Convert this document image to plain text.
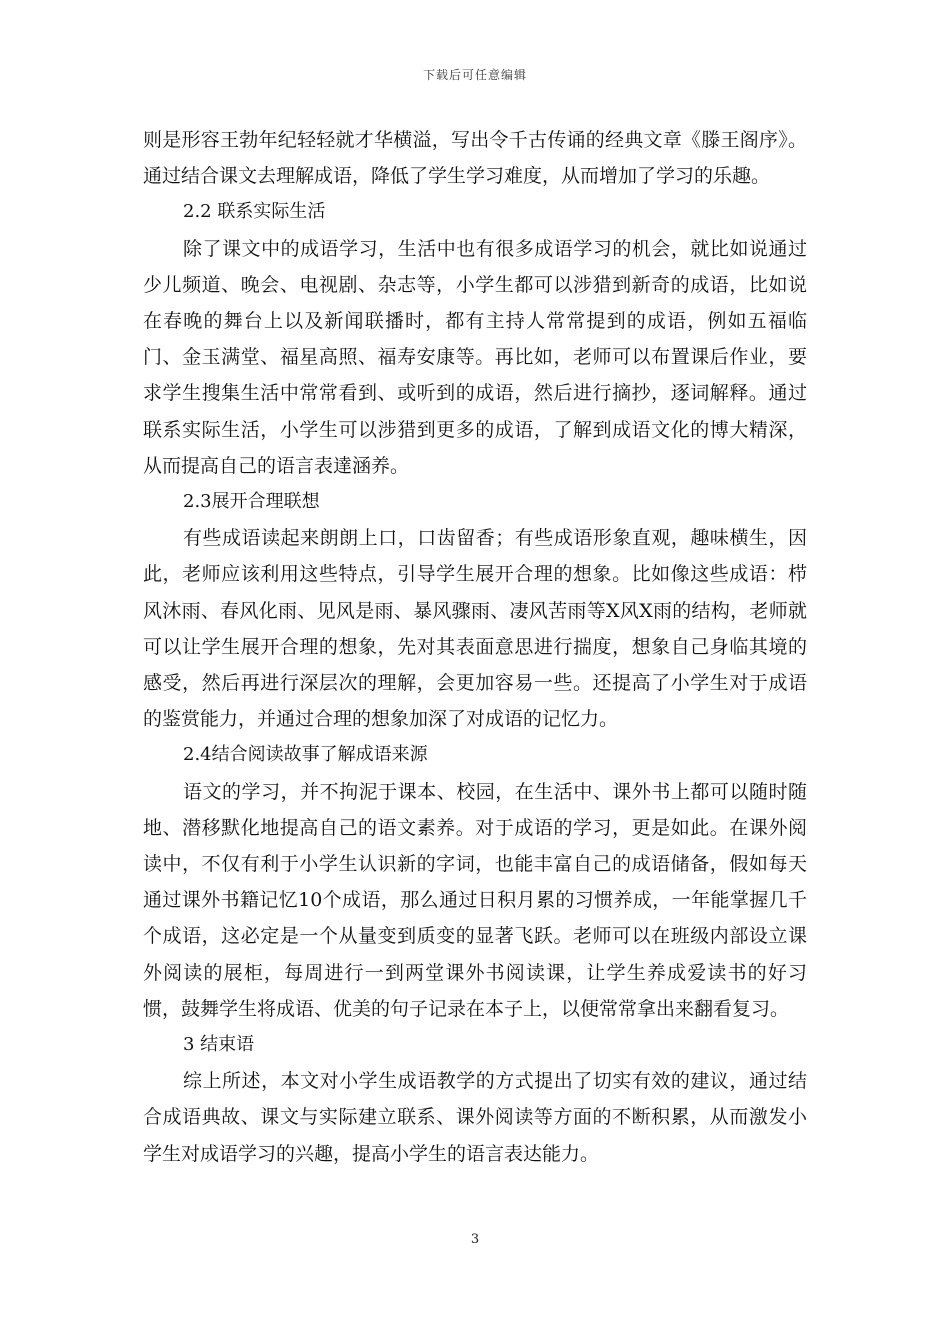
下载后可任意编辑

则是形容王勃年纪轻轻就才华横溢，写出令千古传诵的经典文章《滕王阁序》。通过结合课文去理解成语，降低了学生学习难度，从而增加了学习的乐趣。

2.2 联系实际生活

除了课文中的成语学习，生活中也有很多成语学习的机会，就比如说通过少儿频道、晚会、电视剧、杂志等，小学生都可以涉猎到新奇的成语，比如说在春晚的舞台上以及新闻联播时，都有主持人常常提到的成语，例如五福临门、金玉满堂、福星高照、福寿安康等。再比如，老师可以布置课后作业，要求学生搜集生活中常常看到、或听到的成语，然后进行摘抄，逐词解释。通过联系实际生活，小学生可以涉猎到更多的成语，了解到成语文化的博大精深，从而提高自己的语言表達涵养。

2.3展开合理联想

有些成语读起来朗朗上口，口齿留香；有些成语形象直观，趣味横生，因此，老师应该利用这些特点，引导学生展开合理的想象。比如像这些成语：栉风沐雨、春风化雨、见风是雨、暴风骤雨、凄风苦雨等X风X雨的结构，老师就可以让学生展开合理的想象，先对其表面意思进行揣度，想象自己身临其境的感受，然后再进行深层次的理解，会更加容易一些。还提高了小学生对于成语的鉴赏能力，并通过合理的想象加深了对成语的记忆力。

2.4结合阅读故事了解成语来源

语文的学习，并不拘泥于课本、校园，在生活中、课外书上都可以随时随地、潜移默化地提高自己的语文素养。对于成语的学习，更是如此。在课外阅读中，不仅有利于小学生认识新的字词，也能丰富自己的成语储备，假如每天通过课外书籍记忆10个成语，那么通过日积月累的习惯养成，一年能掌握几千个成语，这必定是一个从量变到质变的显著飞跃。老师可以在班级内部设立课外阅读的展柜，每周进行一到两堂课外书阅读课，让学生养成爱读书的好习惯，鼓舞学生将成语、优美的句子记录在本子上，以便常常拿出来翻看复习。

3 结束语

综上所述，本文对小学生成语教学的方式提出了切实有效的建议，通过结合成语典故、课文与实际建立联系、课外阅读等方面的不断积累，从而激发小学生对成语学习的兴趣，提高小学生的语言表达能力。

3
